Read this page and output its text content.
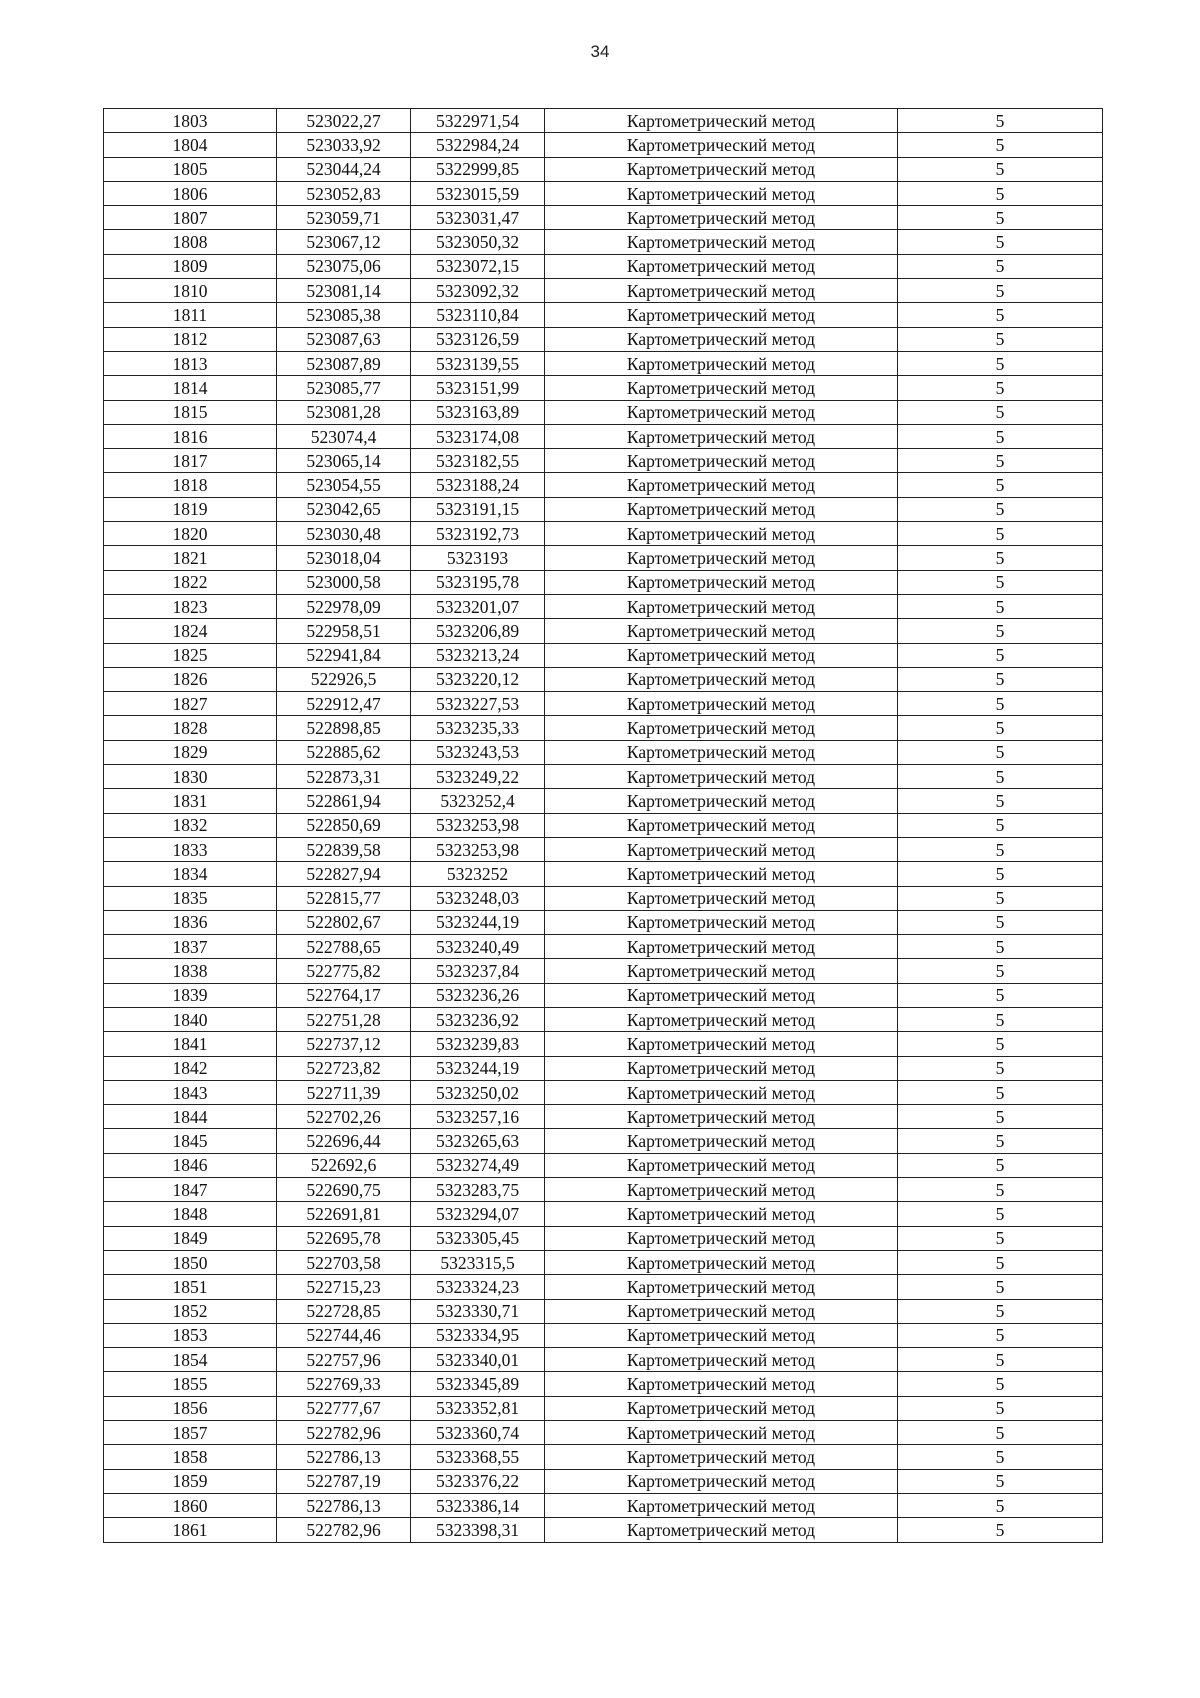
34
1803	523022,27	5322971,54	Картометрический метод	5
1804	523033,92	5322984,24	Картометрический метод	5
1805	523044,24	5322999,85	Картометрический метод	5
1806	523052,83	5323015,59	Картометрический метод	5
1807	523059,71	5323031,47	Картометрический метод	5
1808	523067,12	5323050,32	Картометрический метод	5
1809	523075,06	5323072,15	Картометрический метод	5
1810	523081,14	5323092,32	Картометрический метод	5
1811	523085,38	5323110,84	Картометрический метод	5
1812	523087,63	5323126,59	Картометрический метод	5
1813	523087,89	5323139,55	Картометрический метод	5
1814	523085,77	5323151,99	Картометрический метод	5
1815	523081,28	5323163,89	Картометрический метод	5
1816	523074,4	5323174,08	Картометрический метод	5
1817	523065,14	5323182,55	Картометрический метод	5
1818	523054,55	5323188,24	Картометрический метод	5
1819	523042,65	5323191,15	Картометрический метод	5
1820	523030,48	5323192,73	Картометрический метод	5
1821	523018,04	5323193	Картометрический метод	5
1822	523000,58	5323195,78	Картометрический метод	5
1823	522978,09	5323201,07	Картометрический метод	5
1824	522958,51	5323206,89	Картометрический метод	5
1825	522941,84	5323213,24	Картометрический метод	5
1826	522926,5	5323220,12	Картометрический метод	5
1827	522912,47	5323227,53	Картометрический метод	5
1828	522898,85	5323235,33	Картометрический метод	5
1829	522885,62	5323243,53	Картометрический метод	5
1830	522873,31	5323249,22	Картометрический метод	5
1831	522861,94	5323252,4	Картометрический метод	5
1832	522850,69	5323253,98	Картометрический метод	5
1833	522839,58	5323253,98	Картометрический метод	5
1834	522827,94	5323252	Картометрический метод	5
1835	522815,77	5323248,03	Картометрический метод	5
1836	522802,67	5323244,19	Картометрический метод	5
1837	522788,65	5323240,49	Картометрический метод	5
1838	522775,82	5323237,84	Картометрический метод	5
1839	522764,17	5323236,26	Картометрический метод	5
1840	522751,28	5323236,92	Картометрический метод	5
1841	522737,12	5323239,83	Картометрический метод	5
1842	522723,82	5323244,19	Картометрический метод	5
1843	522711,39	5323250,02	Картометрический метод	5
1844	522702,26	5323257,16	Картометрический метод	5
1845	522696,44	5323265,63	Картометрический метод	5
1846	522692,6	5323274,49	Картометрический метод	5
1847	522690,75	5323283,75	Картометрический метод	5
1848	522691,81	5323294,07	Картометрический метод	5
1849	522695,78	5323305,45	Картометрический метод	5
1850	522703,58	5323315,5	Картометрический метод	5
1851	522715,23	5323324,23	Картометрический метод	5
1852	522728,85	5323330,71	Картометрический метод	5
1853	522744,46	5323334,95	Картометрический метод	5
1854	522757,96	5323340,01	Картометрический метод	5
1855	522769,33	5323345,89	Картометрический метод	5
1856	522777,67	5323352,81	Картометрический метод	5
1857	522782,96	5323360,74	Картометрический метод	5
1858	522786,13	5323368,55	Картометрический метод	5
1859	522787,19	5323376,22	Картометрический метод	5
1860	522786,13	5323386,14	Картометрический метод	5
1861	522782,96	5323398,31	Картометрический метод	5
